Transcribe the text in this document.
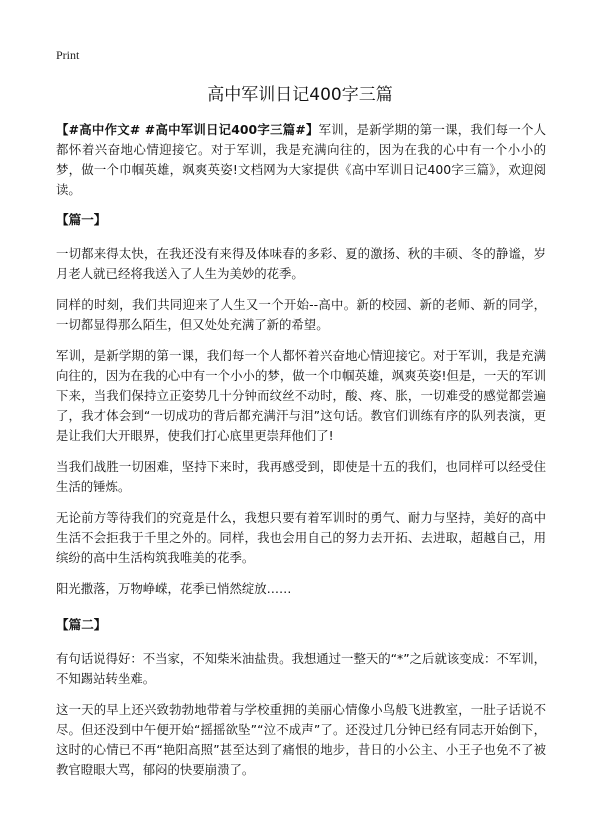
Print
高中军训日记400字三篇

【#高中作文# #高中军训日记400字三篇#】军训，是新学期的第一课，我们每一个人都怀着兴奋地心情迎接它。对于军训，我是充满向往的，因为在我的心中有一个小小的梦，做一个巾帼英雄，飒爽英姿!文档网为大家提供《高中军训日记400字三篇》，欢迎阅读。

【篇一】

一切都来得太快，在我还没有来得及体味春的多彩、夏的激扬、秋的丰硕、冬的静谧，岁月老人就已经将我送入了人生为美妙的花季。

同样的时刻，我们共同迎来了人生又一个开始--高中。新的校园、新的老师、新的同学，一切都显得那么陌生，但又处处充满了新的希望。

军训，是新学期的第一课，我们每一个人都怀着兴奋地心情迎接它。对于军训，我是充满向往的，因为在我的心中有一个小小的梦，做一个巾帼英雄，飒爽英姿!但是，一天的军训下来，当我们保持立正姿势几十分钟而纹丝不动时，酸、疼、胀，一切难受的感觉都尝遍了，我才体会到“一切成功的背后都充满汗与泪”这句话。教官们训练有序的队列表演，更是让我们大开眼界，使我们打心底里更崇拜他们了!

当我们战胜一切困难，坚持下来时，我再感受到，即使是十五的我们，也同样可以经受住生活的锤炼。

无论前方等待我们的究竟是什么，我想只要有着军训时的勇气、耐力与坚持，美好的高中生活不会拒我于千里之外的。同样，我也会用自己的努力去开拓、去进取，超越自己，用缤纷的高中生活构筑我唯美的花季。

阳光撒落，万物峥嵘，花季已悄然绽放……

【篇二】

有句话说得好：不当家，不知柴米油盐贵。我想通过一整天的“*”之后就该变成：不军训，不知踢站转坐难。

这一天的早上还兴致勃勃地带着与学校重拥的美丽心情像小鸟般飞进教室，一肚子话说不尽。但还没到中午便开始“摇摇欲坠”“泣不成声”了。还没过几分钟已经有同志开始倒下，这时的心情已不再“艳阳高照”甚至达到了痛恨的地步，昔日的小公主、小王子也免不了被教官瞪眼大骂，郁闷的快要崩溃了。
